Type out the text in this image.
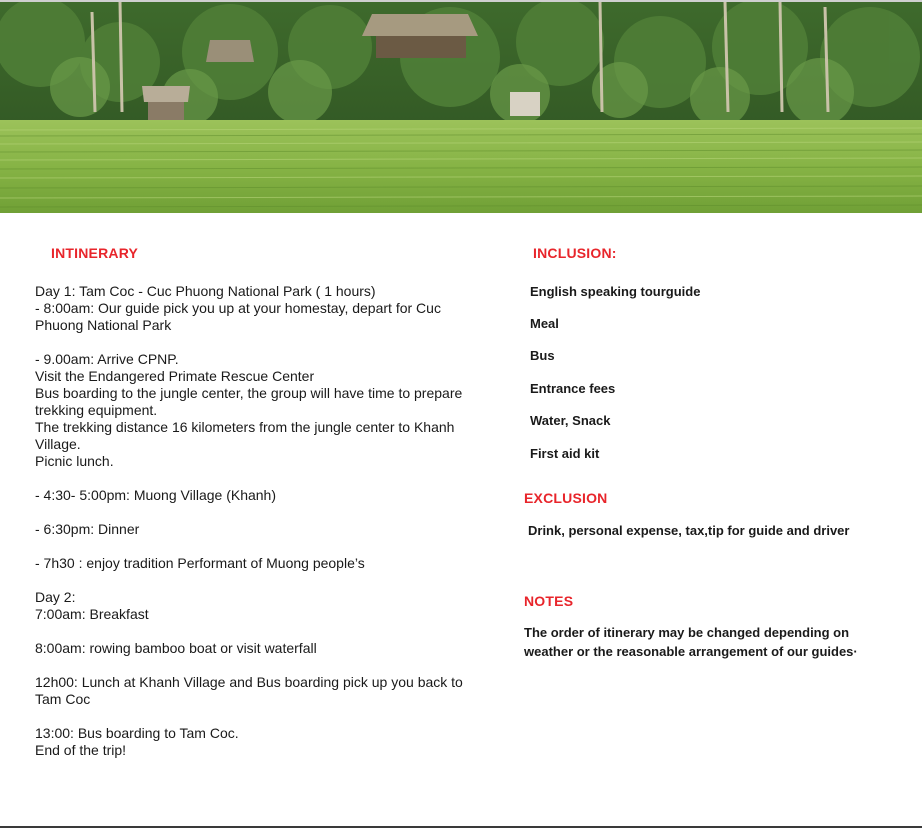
INTINERARY

Day 1: Tam Coc - Cuc Phuong National Park ( 1 hours)

- 8:00am: Our guide pick you up at your homestay, depart for Cuc Phuong National Park

- 9.00am: Arrive CPNP.

Visit the Endangered Primate Rescue Center

Bus boarding to the jungle center, the group will have time to prepare trekking equipment.

The trekking distance 16 kilometers from the jungle center to Khanh Village.

Picnic lunch.

- 4:30- 5:00pm: Muong Village (Khanh)

- 6:30pm: Dinner

- 7h30 : enjoy tradition Performant of Muong people’s

Day 2:

7:00am: Breakfast

8:00am: rowing bamboo boat or visit waterfall

12h00: Lunch at Khanh Village and Bus boarding pick up you back to Tam Coc

13:00: Bus boarding to Tam Coc.

End of the trip!

INCLUSION:

English speaking tourguide

Meal

Bus

Entrance fees

Water, Snack

First aid kit

EXCLUSION

Drink, personal expense, tax,tip for guide and driver

NOTES

The order of itinerary may be changed depending on weather or the reasonable arrangement of our guides·
